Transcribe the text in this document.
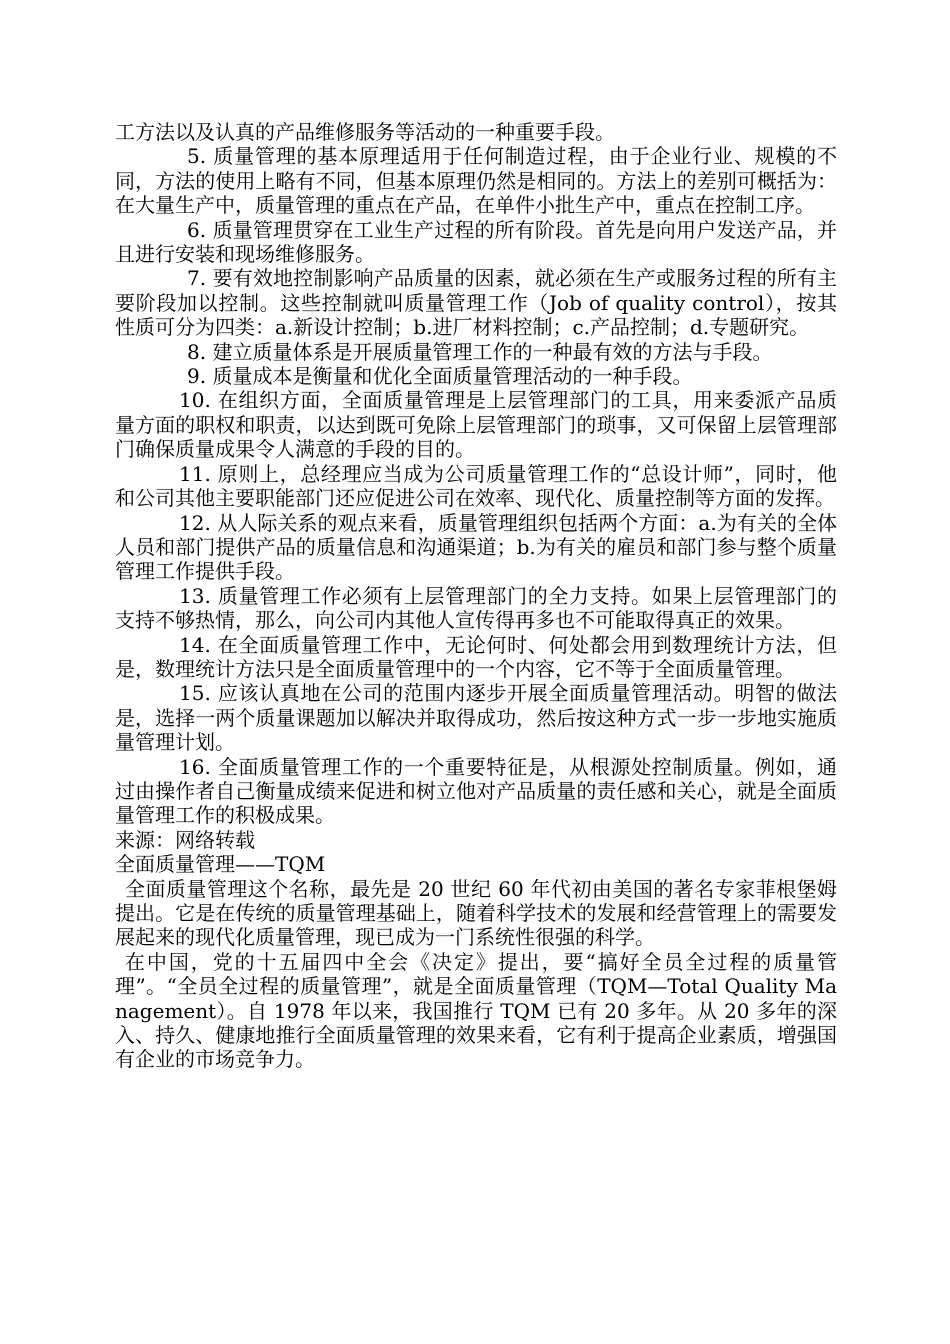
工方法以及认真的产品维修服务等活动的一种重要手段。

5. 质量管理的基本原理适用于任何制造过程，由于企业行业、规模的不同，方法的使用上略有不同，但基本原理仍然是相同的。方法上的差别可概括为：在大量生产中，质量管理的重点在产品，在单件小批生产中，重点在控制工序。

6. 质量管理贯穿在工业生产过程的所有阶段。首先是向用户发送产品，并且进行安装和现场维修服务。

7. 要有效地控制影响产品质量的因素，就必须在生产或服务过程的所有主要阶段加以控制。这些控制就叫质量管理工作（Job of quality control），按其性质可分为四类：a.新设计控制；b.进厂材料控制；c.产品控制；d.专题研究。

8. 建立质量体系是开展质量管理工作的一种最有效的方法与手段。

9. 质量成本是衡量和优化全面质量管理活动的一种手段。

10. 在组织方面，全面质量管理是上层管理部门的工具，用来委派产品质量方面的职权和职责，以达到既可免除上层管理部门的琐事，又可保留上层管理部门确保质量成果令人满意的手段的目的。

11. 原则上，总经理应当成为公司质量管理工作的“总设计师”，同时，他和公司其他主要职能部门还应促进公司在效率、现代化、质量控制等方面的发挥。

12. 从人际关系的观点来看，质量管理组织包括两个方面：a.为有关的全体人员和部门提供产品的质量信息和沟通渠道；b.为有关的雇员和部门参与整个质量管理工作提供手段。

13. 质量管理工作必须有上层管理部门的全力支持。如果上层管理部门的支持不够热情，那么，向公司内其他人宣传得再多也不可能取得真正的效果。

14. 在全面质量管理工作中，无论何时、何处都会用到数理统计方法，但是，数理统计方法只是全面质量管理中的一个内容，它不等于全面质量管理。

15. 应该认真地在公司的范围内逐步开展全面质量管理活动。明智的做法是，选择一两个质量课题加以解决并取得成功，然后按这种方式一步一步地实施质量管理计划。

16. 全面质量管理工作的一个重要特征是，从根源处控制质量。例如，通过由操作者自己衡量成绩来促进和树立他对产品质量的责任感和关心，就是全面质量管理工作的积极成果。

来源：网络转载

全面质量管理——TQM

全面质量管理这个名称，最先是 20 世纪 60 年代初由美国的著名专家菲根堡姆提出。它是在传统的质量管理基础上，随着科学技术的发展和经营管理上的需要发展起来的现代化质量管理，现已成为一门系统性很强的科学。

在中国，党的十五届四中全会《决定》提出，要“搞好全员全过程的质量管理”。“全员全过程的质量管理”，就是全面质量管理（TQM—Total Quality Management）。自 1978 年以来，我国推行 TQM 已有 20 多年。从 20 多年的深入、持久、健康地推行全面质量管理的效果来看，它有利于提高企业素质，增强国有企业的市场竞争力。
